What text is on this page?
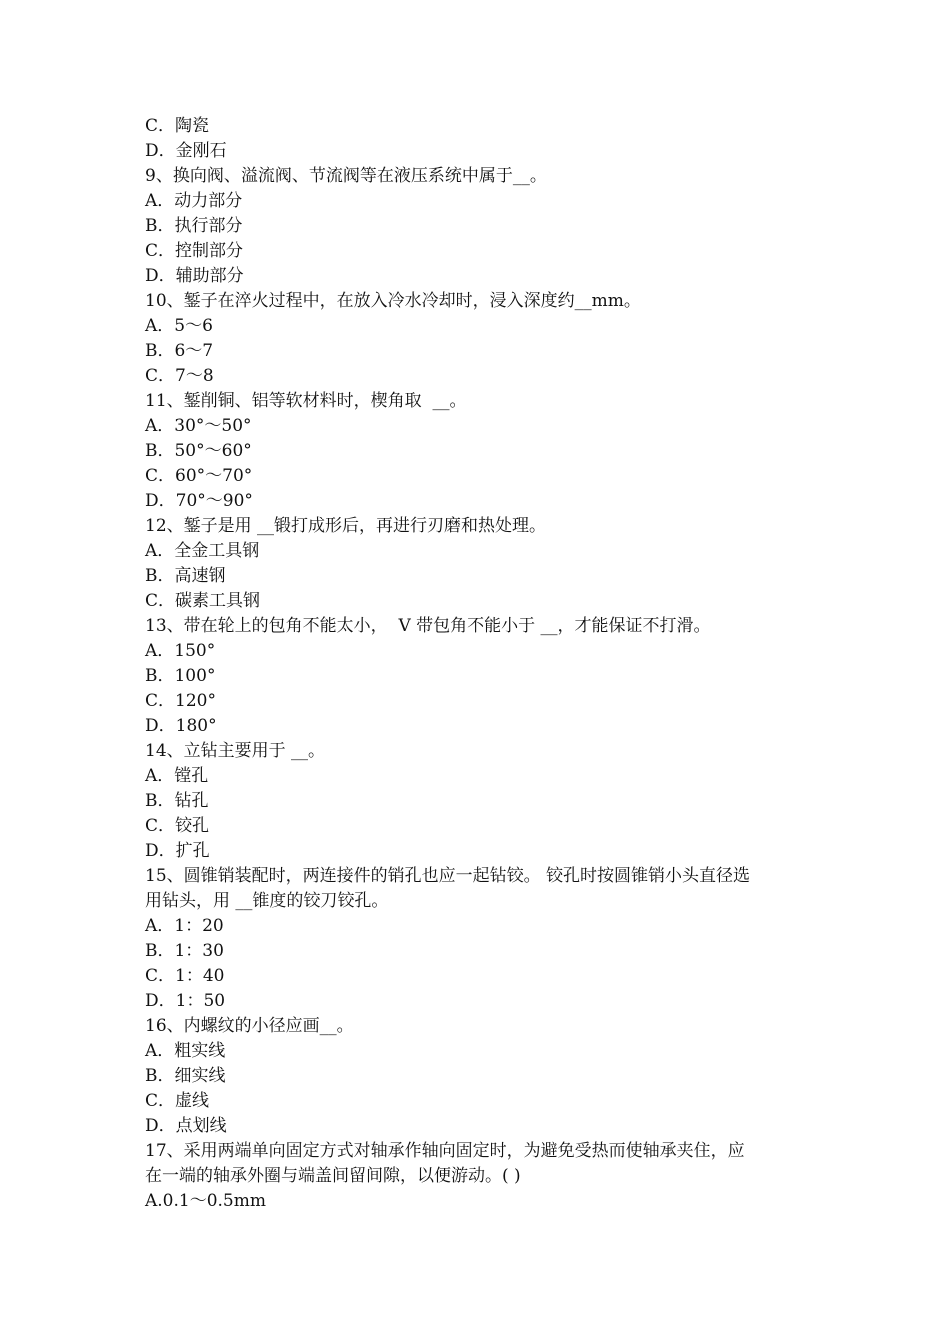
C．陶瓷
D．金刚石
9、换向阀、溢流阀、节流阀等在液压系统中属于__。
A．动力部分
B．执行部分
C．控制部分
D．辅助部分
10、錾子在淬火过程中，在放入冷水冷却时，浸入深度约__mm。
A．5～6
B．6～7
C．7～8
11、錾削铜、铝等软材料时，楔角取  __。
A．30°～50°
B．50°～60°
C．60°～70°
D．70°～90°
12、錾子是用 __锻打成形后，再进行刃磨和热处理。
A．全金工具钢
B．高速钢
C．碳素工具钢
13、带在轮上的包角不能太小，  V 带包角不能小于 __，才能保证不打滑。
A．150°
B．100°
C．120°
D．180°
14、立钻主要用于 __。
A．镗孔
B．钻孔
C．铰孔
D．扩孔
15、圆锥销装配时，两连接件的销孔也应一起钻铰。 铰孔时按圆锥销小头直径选
用钻头，用 __锥度的铰刀铰孔。
A．1：20
B．1：30
C．1：40
D．1：50
16、内螺纹的小径应画__。
A．粗实线
B．细实线
C．虚线
D．点划线
17、采用两端单向固定方式对轴承作轴向固定时，为避免受热而使轴承夹住，应
在一端的轴承外圈与端盖间留间隙，以便游动。( )
A.0.1～0.5mm
